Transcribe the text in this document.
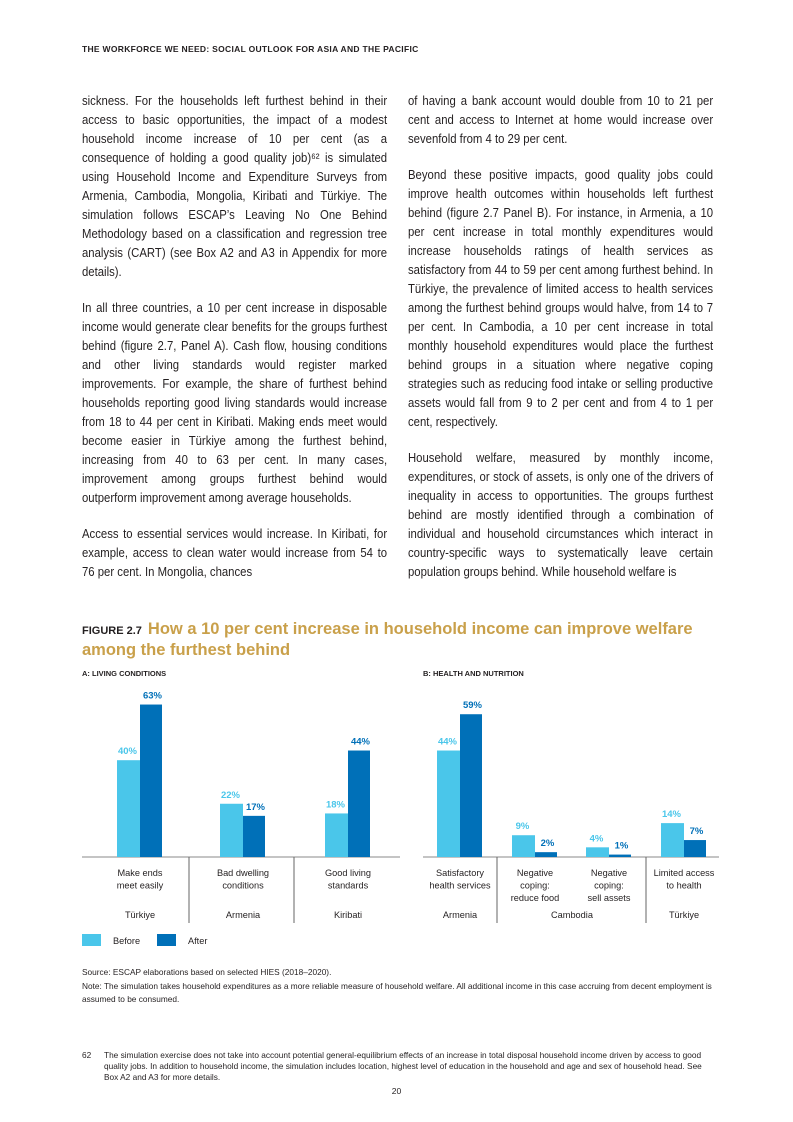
THE WORKFORCE WE NEED: SOCIAL OUTLOOK FOR ASIA AND THE PACIFIC

sickness. For the households left furthest behind in their access to basic opportunities, the impact of a modest household income increase of 10 per cent (as a consequence of holding a good quality job)⁶² is simulated using Household Income and Expenditure Surveys from Armenia, Cambodia, Mongolia, Kiribati and Türkiye. The simulation follows ESCAP’s Leaving No One Behind Methodology based on a classification and regression tree analysis (CART) (see Box A2 and A3 in Appendix for more details).

In all three countries, a 10 per cent increase in disposable income would generate clear benefits for the groups furthest behind (figure 2.7, Panel A). Cash flow, housing conditions and other living standards would register marked improvements. For example, the share of furthest behind households reporting good living standards would increase from 18 to 44 per cent in Kiribati. Making ends meet would become easier in Türkiye among the furthest behind, increasing from 40 to 63 per cent. In many cases, improvement among groups furthest behind would outperform improvement among average households.

Access to essential services would increase. In Kiribati, for example, access to clean water would increase from 54 to 76 per cent. In Mongolia, chances

of having a bank account would double from 10 to 21 per cent and access to Internet at home would increase over sevenfold from 4 to 29 per cent.

Beyond these positive impacts, good quality jobs could improve health outcomes within households left furthest behind (figure 2.7 Panel B). For instance, in Armenia, a 10 per cent increase in total monthly expenditures would increase households ratings of health services as satisfactory from 44 to 59 per cent among furthest behind. In Türkiye, the prevalence of limited access to health services among the furthest behind groups would halve, from 14 to 7 per cent. In Cambodia, a 10 per cent increase in total monthly household expenditures would place the furthest behind groups in a situation where negative coping strategies such as reducing food intake or selling productive assets would fall from 9 to 2 per cent and from 4 to 1 per cent, respectively.

Household welfare, measured by monthly income, expenditures, or stock of assets, is only one of the drivers of inequality in access to opportunities. The groups furthest behind are mostly identified through a combination of individual and household circumstances which interact in country-specific ways to systematically leave certain population groups behind. While household welfare is

FIGURE 2.7 How a 10 per cent increase in household income can improve welfare among the furthest behind
A: LIVING CONDITIONS
40%
63%
Make ends
meet easily
Türkiye
22%
17%
Bad dwelling
conditions
Armenia
18%
44%
Good living
standards
Kiribati
B: HEALTH AND NUTRITION
44%
59%
Satisfactory
health services
Armenia
9%
2%
Negative
coping:
reduce food
Cambodia
4%
1%
Negative
coping:
sell assets
14%
7%
Limited access
to health
Türkiye
Before	After
Source: ESCAP elaborations based on selected HIES (2018–2020).
Note: The simulation takes household expenditures as a more reliable measure of household welfare. All additional income in this case accruing from decent employment is assumed to be consumed.
62	The simulation exercise does not take into account potential general-equilibrium effects of an increase in total disposal household income driven by access to good quality jobs. In addition to household income, the simulation includes location, highest level of education in the household and age and sex of household head. See Box A2 and A3 for more details.
20
